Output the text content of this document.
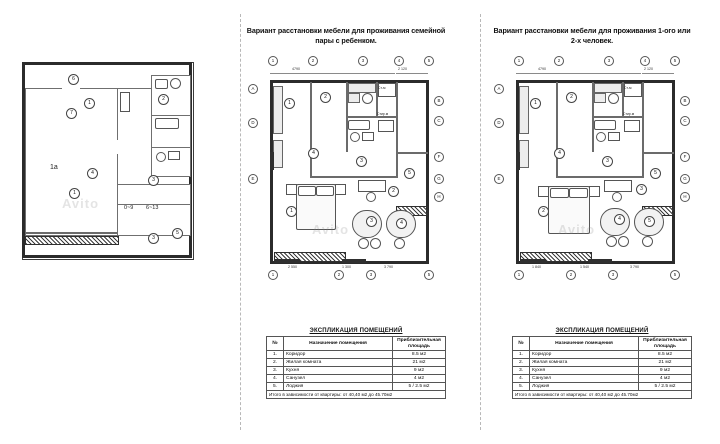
6
1
2
7
4
3
1
3
5
1а
0~9 6~13
Avito
Вариант расстановки мебели для проживания семейной пары с ребенком.
1	2	3	4	5
4790	2 120
A
D
E
B
C
F
G
H
Ст-м
Стир.м
1
2
3
4
5
1
2
3	4
1	2	3	5
2 550	1 300	3 790
Avito
Вариант расстановки мебели для проживания 1-ого или 2-х человек.
1	2	3	4	5
4790	2 120
A
D
E
B
C
F
G
H
Ст-м
Стир.м
1
2
3
4
5
2
3
4	5
1	2	3	5
1 840	1 540	3 790
Avito
ЭКСПЛИКАЦИЯ ПОМЕЩЕНИЙ
№	Назначение помещения	Приблизительная площадь
1.	Коридор	8.5 м2
2.	Жилая комната	21 м2
3.	Кухня	9 м2
4.	Санузел	4 м2
5.	Лоджия	5 / 2.5 м2
Итого в зависимости от квартиры: от 40,40 м2 до 45.70м2		
ЭКСПЛИКАЦИЯ ПОМЕЩЕНИЙ
№	Назначение помещения	Приблизительная площадь
1.	Коридор	8.5 м2
2.	Жилая комната	21 м2
3.	Кухня	9 м2
4.	Санузел	4 м2
5.	Лоджия	5 / 2.5 м2
Итого в зависимости от квартиры: от 40,40 м2 до 45.70м2		
